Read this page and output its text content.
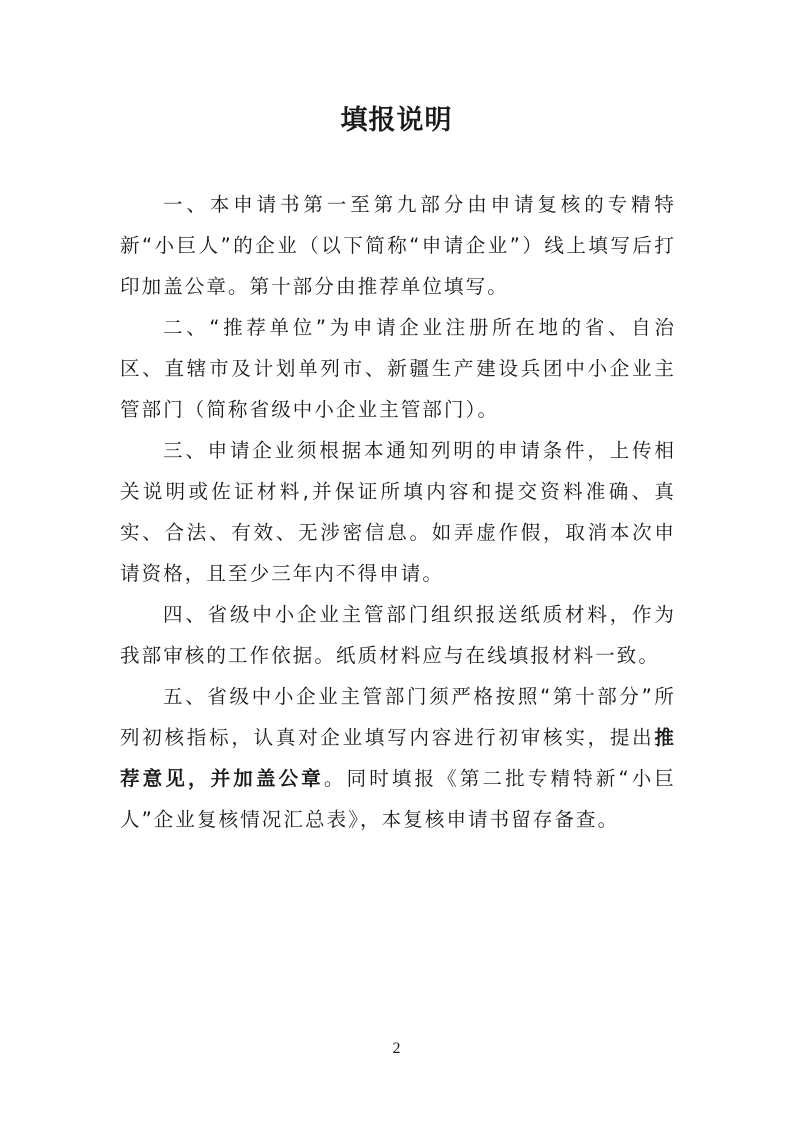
填报说明

一、本申请书第一至第九部分由申请复核的专精特新“小巨人”的企业（以下简称“申请企业”）线上填写后打印加盖公章。第十部分由推荐单位填写。

二、“推荐单位”为申请企业注册所在地的省、自治区、直辖市及计划单列市、新疆生产建设兵团中小企业主管部门（简称省级中小企业主管部门）。

三、申请企业须根据本通知列明的申请条件，上传相关说明或佐证材料,并保证所填内容和提交资料准确、真实、合法、有效、无涉密信息。如弄虚作假，取消本次申请资格，且至少三年内不得申请。

四、省级中小企业主管部门组织报送纸质材料，作为我部审核的工作依据。纸质材料应与在线填报材料一致。

五、省级中小企业主管部门须严格按照“第十部分”所列初核指标，认真对企业填写内容进行初审核实，提出推荐意见，并加盖公章。同时填报《第二批专精特新“小巨人”企业复核情况汇总表》，本复核申请书留存备查。

2
